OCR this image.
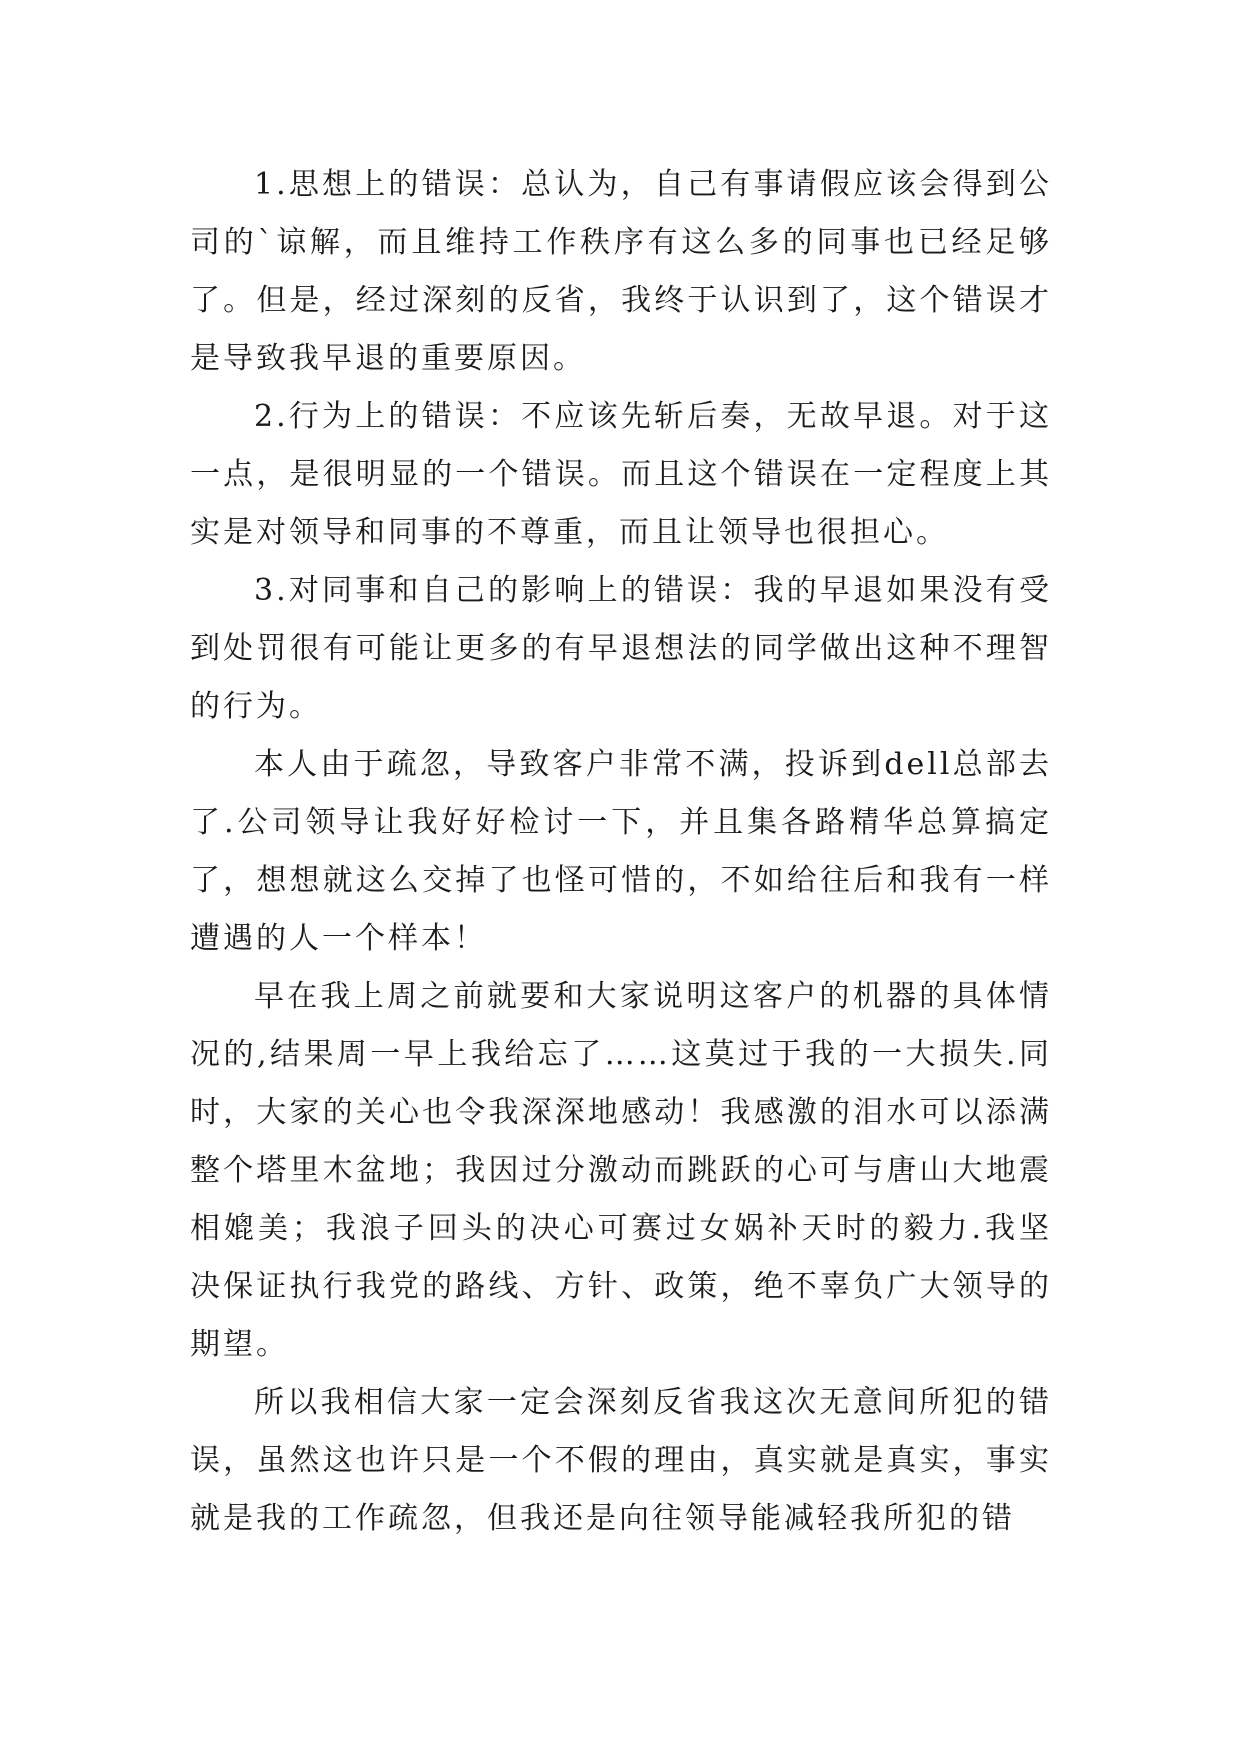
1.思想上的错误：总认为，自己有事请假应该会得到公司的`谅解，而且维持工作秩序有这么多的同事也已经足够了。但是，经过深刻的反省，我终于认识到了，这个错误才是导致我早退的重要原因。

2.行为上的错误：不应该先斩后奏，无故早退。对于这一点，是很明显的一个错误。而且这个错误在一定程度上其实是对领导和同事的不尊重，而且让领导也很担心。

3.对同事和自己的影响上的错误：我的早退如果没有受到处罚很有可能让更多的有早退想法的同学做出这种不理智的行为。

本人由于疏忽，导致客户非常不满，投诉到dell总部去了.公司领导让我好好检讨一下，并且集各路精华总算搞定了，想想就这么交掉了也怪可惜的，不如给往后和我有一样遭遇的人一个样本！

早在我上周之前就要和大家说明这客户的机器的具体情况的,结果周一早上我给忘了……这莫过于我的一大损失.同时，大家的关心也令我深深地感动！我感激的泪水可以添满整个塔里木盆地；我因过分激动而跳跃的心可与唐山大地震相媲美；我浪子回头的决心可赛过女娲补天时的毅力.我坚决保证执行我党的路线、方针、政策，绝不辜负广大领导的期望。

所以我相信大家一定会深刻反省我这次无意间所犯的错误，虽然这也许只是一个不假的理由，真实就是真实，事实就是我的工作疏忽，但我还是向往领导能减轻我所犯的错
